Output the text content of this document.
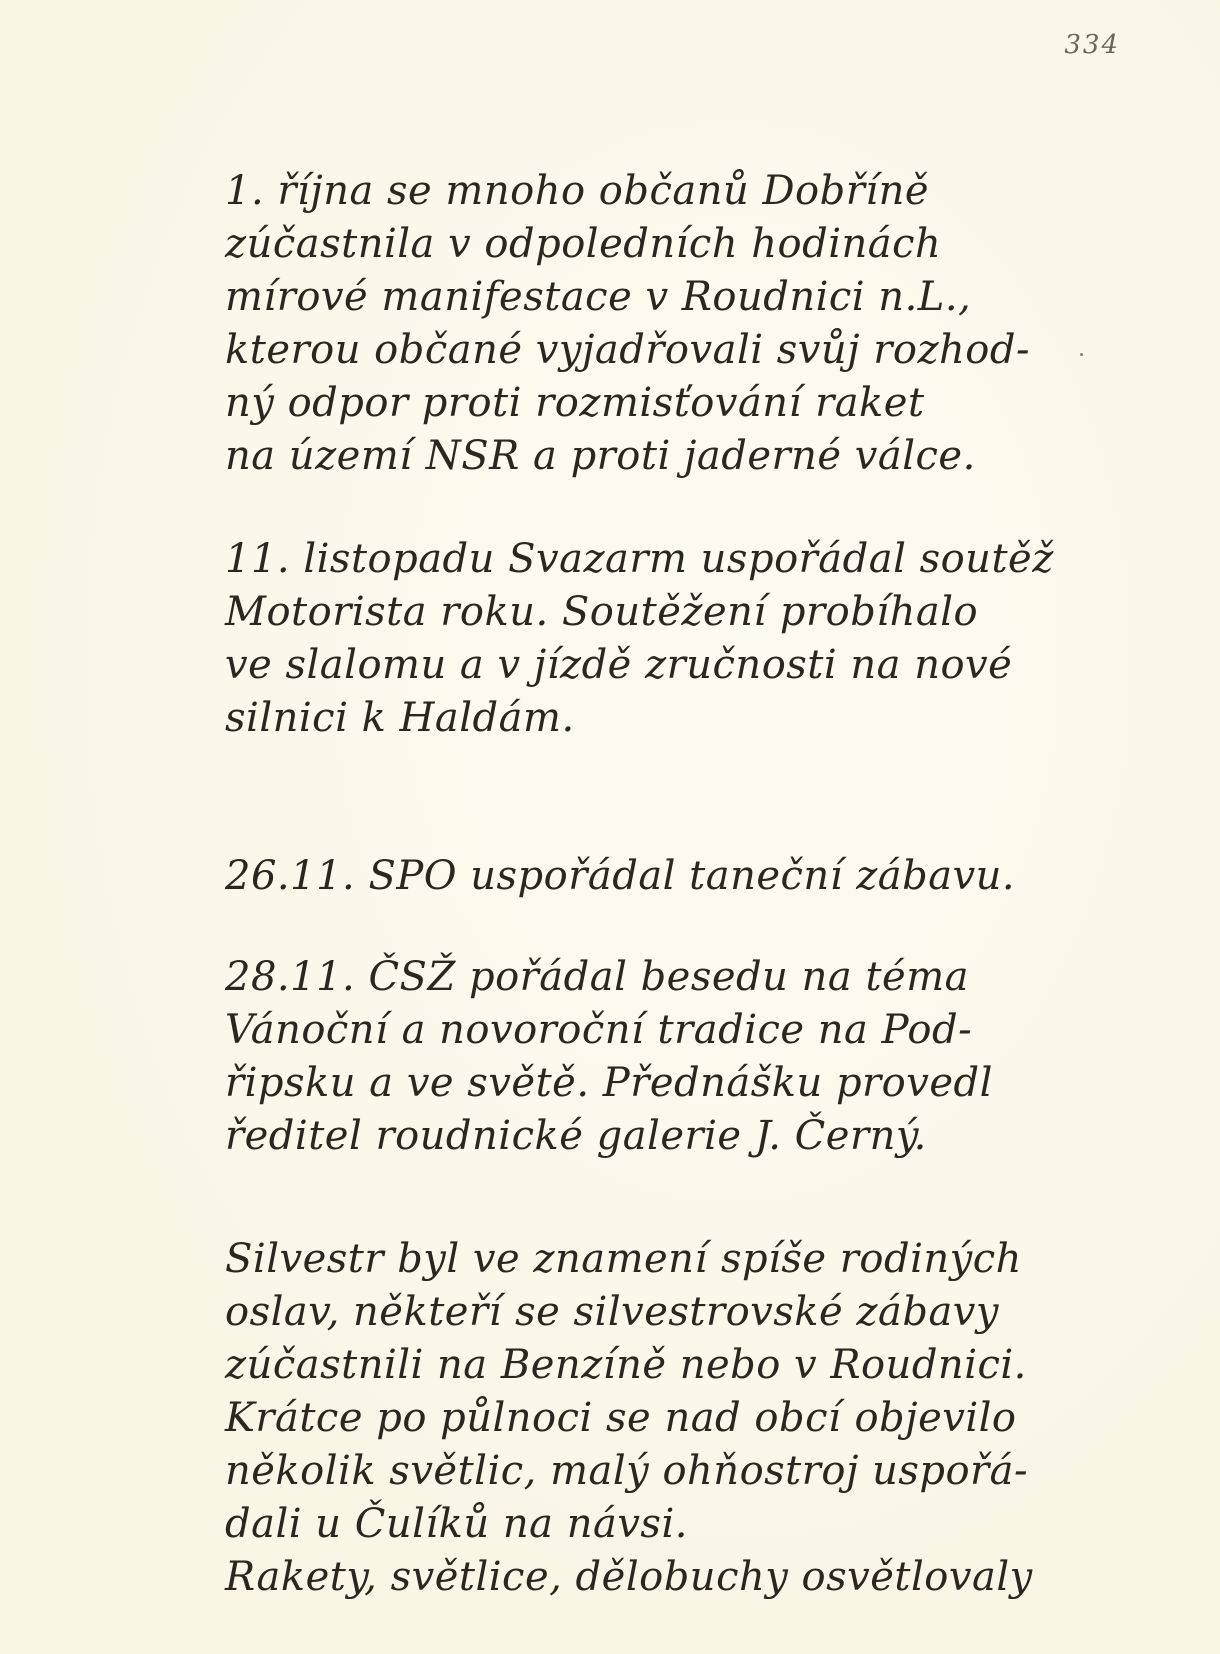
334
1. října se mnoho občanů Dobříně
zúčastnila v odpoledních hodinách
mírové manifestace v Roudnici n.L.,
kterou občané vyjadřovali svůj rozhod-
ný odpor proti rozmisťování raket
na území NSR a proti jaderné válce.
11. listopadu Svazarm uspořádal soutěž
Motorista roku. Soutěžení probíhalo
ve slalomu a v jízdě zručnosti na nové
silnici k Haldám.
26.11. SPO uspořádal taneční zábavu.
28.11. ČSŽ pořádal besedu na téma
Vánoční a novoroční tradice na Pod-
řipsku a ve světě. Přednášku provedl
ředitel roudnické galerie J. Černý.
Silvestr byl ve znamení spíše rodiných
oslav, někteří se silvestrovské zábavy
zúčastnili na Benzíně nebo v Roudnici.
Krátce po půlnoci se nad obcí objevilo
několik světlic, malý ohňostroj uspořá-
dali u Čulíků na návsi.
Rakety, světlice, dělobuchy osvětlovaly
